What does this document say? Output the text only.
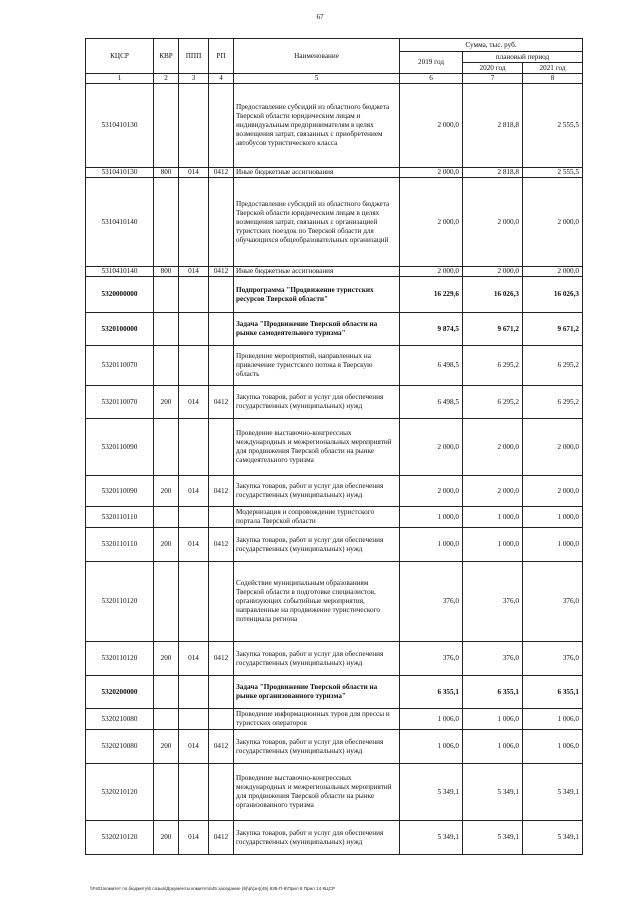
67
КЦСР	КВР	ППП	РП	Наименование	Сумма, тыс. руб.		
					2019 год	плановый период	
						2020 год	2021 год
1	2	3	4	5	6	7	8
5310410130				Предоставление субсидий из областного бюджета Тверской области юридическим лицам и индивидуальным предпринимателям в целях возмещения затрат, связанных с приобретением автобусов туристического класса	2 000,0	2 818,8	2 555,5
5310410130	800	014	0412	Иные бюджетные ассигнования	2 000,0	2 818,8	2 555,5
5310410140				Предоставление субсидий из областного бюджета Тверской области юридическим лицам в целях возмещения затрат, связанных с организацией туристских поездок по Тверской области для обучающихся общеобразовательных организаций	2 000,0	2 000,0	2 000,0
5310410140	800	014	0412	Иные бюджетные ассигнования	2 000,0	2 000,0	2 000,0
5320000000				Подпрограмма "Продвижение туристских ресурсов Тверской области"	16 229,6	16 026,3	16 026,3
5320100000				Задача "Продвижение Тверской области на рынке самодеятельного туризма"	9 874,5	9 671,2	9 671,2
5320110070				Проведение мероприятий, направленных на привлечение туристского потока в Тверскую область	6 498,5	6 295,2	6 295,2
5320110070	200	014	0412	Закупка товаров, работ и услуг для обеспечения государственных (муниципальных) нужд	6 498,5	6 295,2	6 295,2
5320110090				Проведение выставочно-конгрессных международных и межрегиональных мероприятий для продвижения Тверской области на рынке самодеятельного туризма	2 000,0	2 000,0	2 000,0
5320110090	200	014	0412	Закупка товаров, работ и услуг для обеспечения государственных (муниципальных) нужд	2 000,0	2 000,0	2 000,0
5320110110				Модернизация и сопровождение туристского портала Тверской области	1 000,0	1 000,0	1 000,0
5320110110	200	014	0412	Закупка товаров, работ и услуг для обеспечения государственных (муниципальных) нужд	1 000,0	1 000,0	1 000,0
5320110120				Содействие муниципальным образованиям Тверской области в подготовке специалистов, организующих событийные мероприятия, направленные на продвижение туристического потенциала региона	376,0	376,0	376,0
5320110120	200	014	0412	Закупка товаров, работ и услуг для обеспечения государственных (муниципальных) нужд	376,0	376,0	376,0
5320200000				Задача "Продвижение Тверской области на рынке организованного туризма"	6 355,1	6 355,1	6 355,1
5320210080				Проведение информационных туров для прессы и туристских операторов	1 006,0	1 006,0	1 006,0
5320210080	200	014	0412	Закупка товаров, работ и услуг для обеспечения государственных (муниципальных) нужд	1 006,0	1 006,0	1 006,0
5320210120				Проведение выставочно-конгрессных международных и межрегиональных мероприятий для продвижения Тверской области на рынке организованного туризма	5 349,1	5 349,1	5 349,1
5320210120	200	014	0412	Закупка товаров, работ и услуг для обеспечения государственных (муниципальных) нужд	5 349,1	5 349,1	5 349,1
\\Fs01\комитет по бюджету\6 созыв\Документы комитета\45 заседание (9)\р\(зн)(45) 838-П-6\Прил 8 Прил 14 КЦСР
